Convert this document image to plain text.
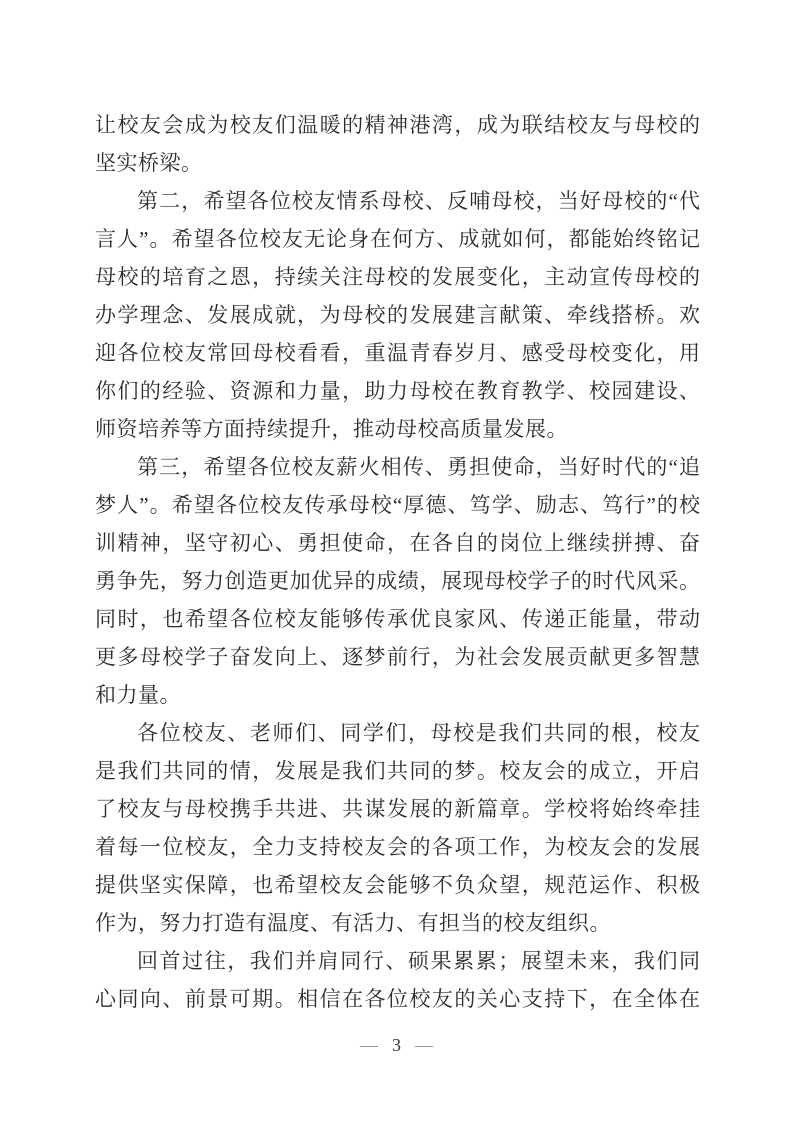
让校友会成为校友们温暖的精神港湾，成为联结校友与母校的
坚实桥梁。
第二，希望各位校友情系母校、反哺母校，当好母校的“代
言人”。希望各位校友无论身在何方、成就如何，都能始终铭记
母校的培育之恩，持续关注母校的发展变化，主动宣传母校的
办学理念、发展成就，为母校的发展建言献策、牵线搭桥。欢
迎各位校友常回母校看看，重温青春岁月、感受母校变化，用
你们的经验、资源和力量，助力母校在教育教学、校园建设、
师资培养等方面持续提升，推动母校高质量发展。
第三，希望各位校友薪火相传、勇担使命，当好时代的“追
梦人”。希望各位校友传承母校“厚德、笃学、励志、笃行”的校
训精神，坚守初心、勇担使命，在各自的岗位上继续拼搏、奋
勇争先，努力创造更加优异的成绩，展现母校学子的时代风采。
同时，也希望各位校友能够传承优良家风、传递正能量，带动
更多母校学子奋发向上、逐梦前行，为社会发展贡献更多智慧
和力量。
各位校友、老师们、同学们，母校是我们共同的根，校友
是我们共同的情，发展是我们共同的梦。校友会的成立，开启
了校友与母校携手共进、共谋发展的新篇章。学校将始终牵挂
着每一位校友，全力支持校友会的各项工作，为校友会的发展
提供坚实保障，也希望校友会能够不负众望，规范运作、积极
作为，努力打造有温度、有活力、有担当的校友组织。
回首过往，我们并肩同行、硕果累累；展望未来，我们同
心同向、前景可期。相信在各位校友的关心支持下，在全体在
— 3 —
